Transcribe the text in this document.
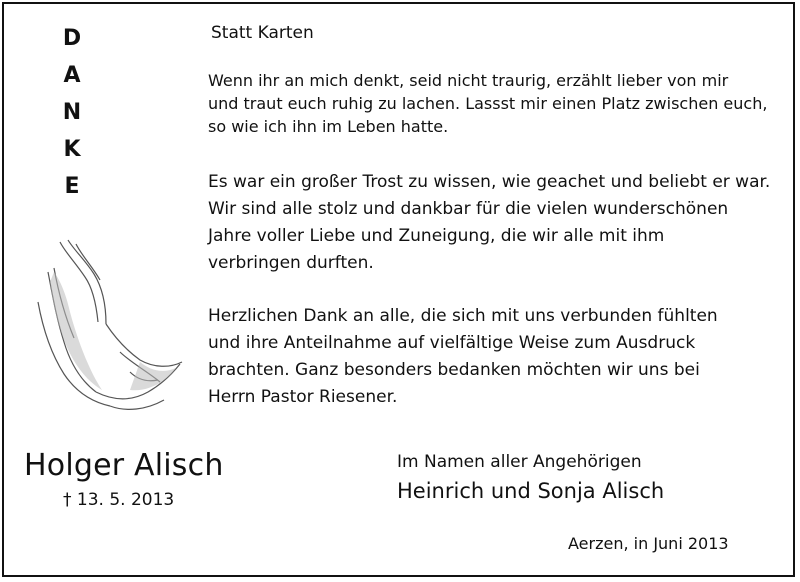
D
A
N
K
E
Statt Karten
Wenn ihr an mich denkt, seid nicht traurig, erzählt lieber von mir
und traut euch ruhig zu lachen. Lassst mir einen Platz zwischen euch,
so wie ich ihn im Leben hatte.
Es war ein großer Trost zu wissen, wie geachet und beliebt er war.
Wir sind alle stolz und dankbar für die vielen wunderschönen
Jahre voller Liebe und Zuneigung, die wir alle mit ihm
verbringen durften.
Herzlichen Dank an alle, die sich mit uns verbunden fühlten
und ihre Anteilnahme auf vielfältige Weise zum Ausdruck
brachten. Ganz besonders bedanken möchten wir uns bei
Herrn Pastor Riesener.
Holger Alisch
† 13. 5. 2013
Im Namen aller Angehörigen
Heinrich und Sonja Alisch
Aerzen, in Juni 2013
